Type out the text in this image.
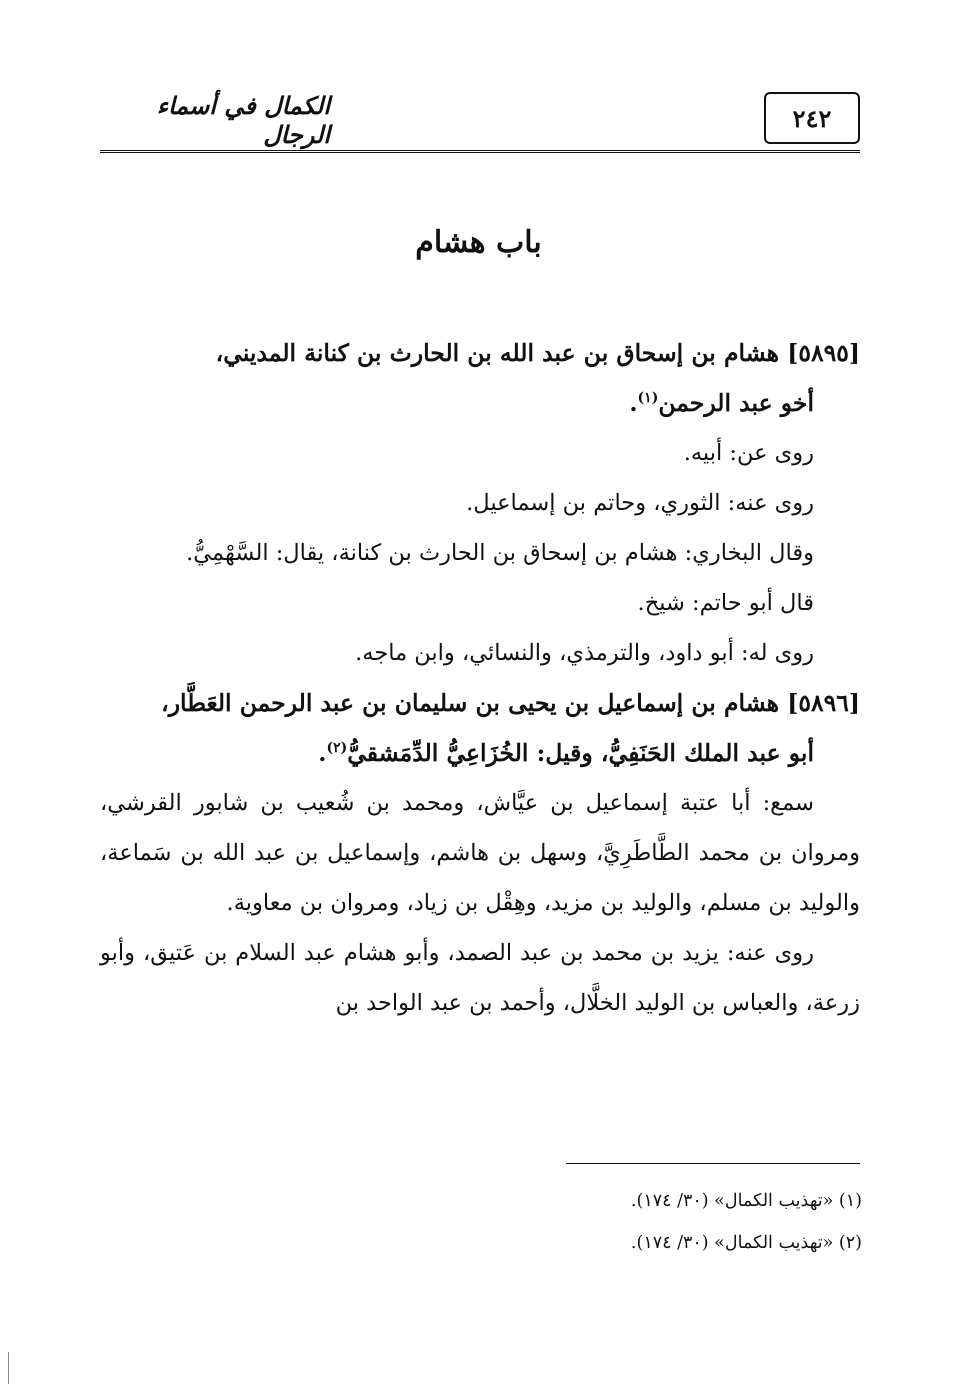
٢٤٢
الكمال في أسماء الرجال
باب هشام

[٥٨٩٥] هشام بن إسحاق بن عبد الله بن الحارث بن كنانة المديني،

أخو عبد الرحمن$^{(١)}$.

روى عن: أبيه.

روى عنه: الثوري، وحاتم بن إسماعيل.

وقال البخاري: هشام بن إسحاق بن الحارث بن كنانة، يقال: السَّهْمِيُّ.

قال أبو حاتم: شيخ.

روى له: أبو داود، والترمذي، والنسائي، وابن ماجه.

[٥٨٩٦] هشام بن إسماعيل بن يحيى بن سليمان بن عبد الرحمن العَطَّار،

أبو عبد الملك الحَنَفِيُّ، وقيل: الخُزَاعِيُّ الدِّمَشقيُّ$^{(٢)}$.

سمع: أبا عتبة إسماعيل بن عيَّاش، ومحمد بن شُعيب بن شابور القرشي، ومروان بن محمد الطَّاطَرِيَّ، وسهل بن هاشم، وإسماعيل بن عبد الله بن سَماعة، والوليد بن مسلم، والوليد بن مزيد، وهِقْل بن زياد، ومروان بن معاوية.

روى عنه: يزيد بن محمد بن عبد الصمد، وأبو هشام عبد السلام بن عَتيق، وأبو زرعة، والعباس بن الوليد الخلَّال، وأحمد بن عبد الواحد بن

(١) «تهذيب الكمال» (٣٠/ ١٧٤).

(٢) «تهذيب الكمال» (٣٠/ ١٧٤).
